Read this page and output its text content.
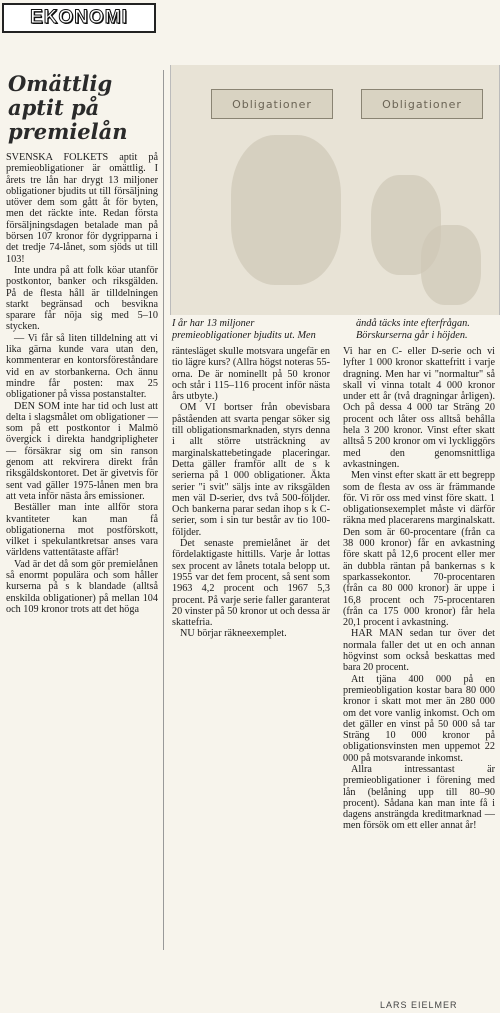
EKONOMI
Omättlig aptit på premielån

SVENSKA FOLKETS aptit på premieobligationer är omättlig. I årets tre lån har drygt 13 miljoner obligationer bjudits ut till försäljning utöver dem som gått åt för byten, men det räckte inte. Redan första försäljningsdagen betalade man på börsen 107 kronor för dygripparna i det tredje 74-lånet, som sjöds ut till 103!

Inte undra på att folk köar utanför postkontor, banker och riksgälden. På de flesta håll är tilldelningen starkt begränsad och besvikna spararе får nöja sig med 5–10 stycken.

— Vi får så liten tilldelning att vi lika gärna kunde vara utan den, kommenterar en kontorsföreståndare vid en av storbankerna. Och ännu mindre får posten: max 25 obligationer på vissa postanstalter.

DEN SOM inte har tid och lust att delta i slagsmålet om obligationer — som på ett postkontor i Malmö övergick i direkta handgripligheter — försäkrar sig om sin ranson genom att rekvirera direkt från riksgäldskontoret. Det är givetvis för sent vad gäller 1975-lånen men bra att veta inför nästa års emissioner.

Beställer man inte allför stora kvantiteter kan man få obligationerna mot postförskott, vilket i spekulantkretsar anses vara världens vattentätaste affär!

Vad är det då som gör premielånen så enormt populära och som håller kurserna på s k blandade (alltså enskilda obligationer) på mellan 104 och 109 kronor trots att det höga

Obligationer	Obligationer
I år har 13 miljoner premieobligationer bjudits ut. Men
ändå täcks inte efterfrågan. Börskurserna går i höjden.

räntesläget skulle motsvara ungefär en tio lägre kurs? (Allra högst noteras 55-orna. De är nominellt på 50 kronor och står i 115–116 procent inför nästa års utbyte.)

OM VI bortser från obevisbara påståenden att svarta pengar söker sig till obligationsmarknaden, styrs denna i allt större utsträckning av marginalskattebetingade placeringar. Detta gäller framför allt de s k serierna på 1 000 obligationer. Äkta serier "i svit" säljs inte av riksgälden men väl D-serier, dvs två 500-följder. Och bankerna parar sedan ihop s k C-serier, som i sin tur består av tio 100-följder.

Det senaste premielånet är det fördelaktigaste hittills. Varje år lottas sex procent av lånets totala belopp ut. 1955 var det fem procent, så sent som 1963 4,2 procent och 1967 5,3 procent. På varje serie faller garanterat 20 vinster på 50 kronor ut och dessa är skattefria.

NU börjar räkneexemplet.

Vi har en C- eller D-serie och vi lyfter 1 000 kronor skattefritt i varje dragning. Men har vi "normaltur" så skall vi vinna totalt 4 000 kronor under ett år (två dragningar årligen). Och på dessa 4 000 tar Sträng 20 procent och låter oss alltså behålla hela 3 200 kronor. Vinst efter skatt alltså 5 200 kronor om vi lyckliggörs med den genomsnittliga avkastningen.

Men vinst efter skatt är ett begrepp som de flesta av oss är främmande för. Vi rör oss med vinst före skatt. 1 obligationsexemplet måste vi därför räkna med placerarens marginalskatt. Den som är 60-procentare (från ca 38 000 kronor) får en avkastning före skatt på 12,6 procent eller mer än dubbla räntan på bankernas s k sparkassekontor. 70-procentaren (från ca 80 000 kronor) är uppe i 16,8 procent och 75-procentaren (från ca 175 000 kronor) får hela 20,1 procent i avkastning.

HAR MAN sedan tur över det normala faller det ut en och annan högvinst som också beskattas med bara 20 procent.

Att tjäna 400 000 på en premieobligation kostar bara 80 000 kronor i skatt mot mer än 280 000 om det vore vanlig inkomst. Och om det gäller en vinst på 50 000 så tar Sträng 10 000 kronor på obligationsvinsten men uppemot 22 000 på motsvarande inkomst.

Allra intressantast är premieobligationer i förening med lån (belåning upp till 80–90 procent). Sådana kan man inte få i dagens ansträngda kreditmarknad — men försök om ett eller annat år!

LARS EIELMER
